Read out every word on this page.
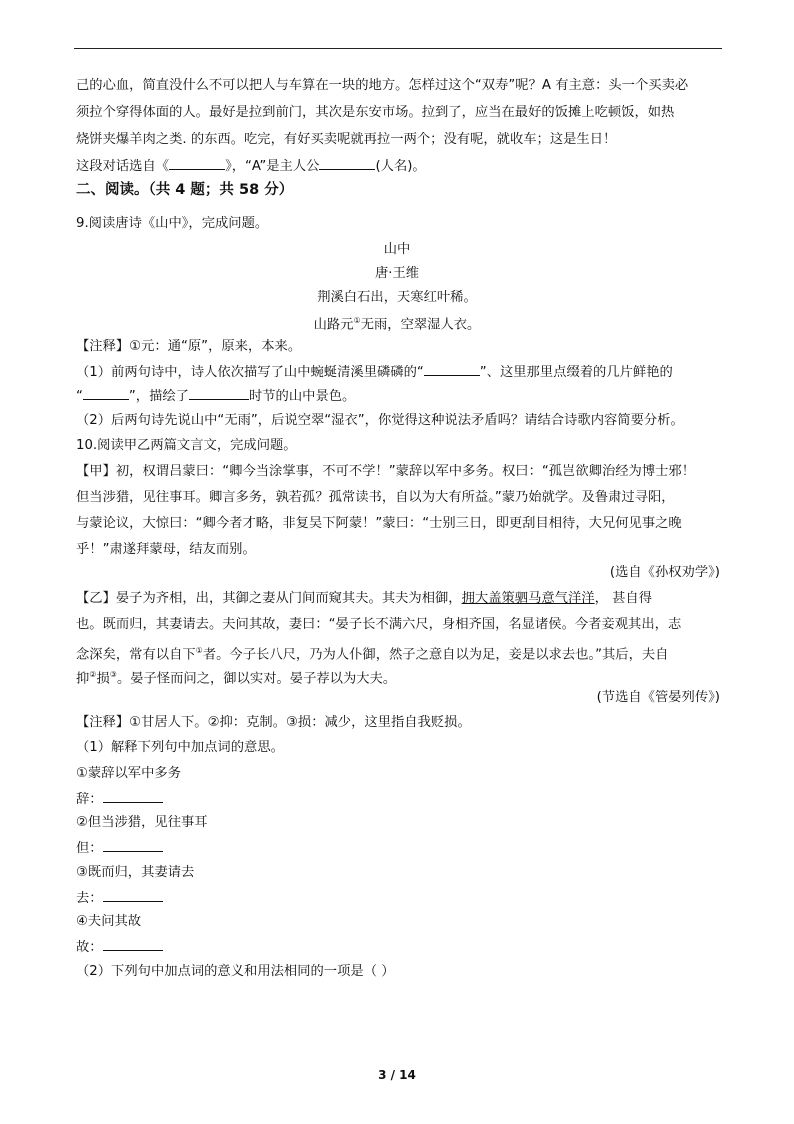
己的心血，简直没什么不可以把人与车算在一块的地方。怎样过这个“双寿”呢？A 有主意：头一个买卖必
须拉个穿得体面的人。最好是拉到前门，其次是东安市场。拉到了，应当在最好的饭摊上吃顿饭，如热
烧饼夹爆羊肉之类. 的东西。吃完，有好买卖呢就再拉一两个；没有呢，就收车；这是生日！
这段对话选自《	》，“A”是主人公	(人名)。
二、阅读。（共 4 题；共 58 分）
9.阅读唐诗《山中》，完成问题。
山中
唐·王维
荆溪白石出，天寒红叶稀。
山路元①无雨，空翠湿人衣。
【注释】①元：通“原”，原来，本来。
（1）前两句诗中，诗人依次描写了山中蜿蜒清溪里磷磷的“	”、这里那里点缀着的几片鲜艳的
“	”，描绘了	时节的山中景色。
（2）后两句诗先说山中“无雨”，后说空翠“湿衣”，你觉得这种说法矛盾吗？请结合诗歌内容简要分析。
10.阅读甲乙两篇文言文，完成问题。
【甲】初，权谓吕蒙曰：“卿今当涂掌事，不可不学！”蒙辞以军中多务。权曰：“孤岂欲卿治经为博士邪！
但当涉猎，见往事耳。卿言多务，孰若孤？孤常读书，自以为大有所益。”蒙乃始就学。及鲁肃过寻阳，
与蒙论议，大惊曰：“卿今者才略，非复吴下阿蒙！”蒙曰：“士别三日，即更刮目相待，大兄何见事之晚
乎！”肃遂拜蒙母，结友而别。
(选自《孙权劝学》)
【乙】晏子为齐相，出，其御之妻从门间而窥其夫。其夫为相御，拥大盖策驷马意气洋洋， 甚自得
也。既而归，其妻请去。夫问其故，妻曰：“晏子长不满六尺，身相齐国，名显诸侯。今者妾观其出，志
念深矣，常有以自下①者。今子长八尺，乃为人仆御，然子之意自以为足，妾是以求去也。”其后，夫自
抑②损③。晏子怪而问之，御以实对。晏子荐以为大夫。
(节选自《管晏列传》)
【注释】①甘居人下。②抑：克制。③损：减少，这里指自我贬损。
（1）解释下列句中加点词的意思。
①蒙辞以军中多务
辞：
②但当涉猎，见往事耳
但：
③既而归，其妻请去
去：
④夫问其故
故：
（2）下列句中加点词的意义和用法相同的一项是（ ）
3 / 14
